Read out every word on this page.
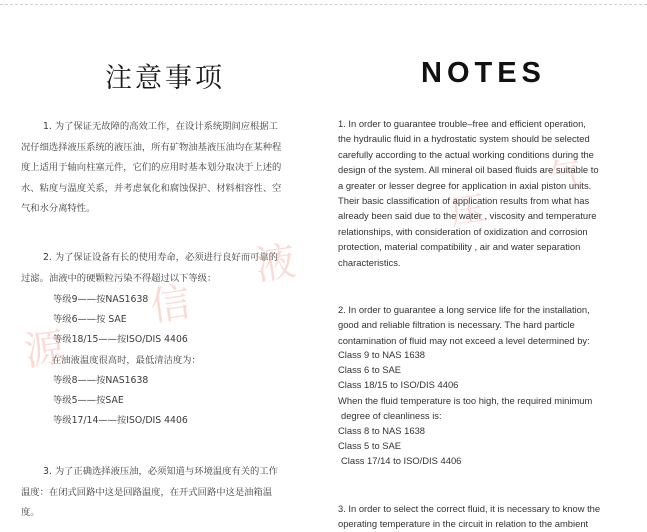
注意事项

1. 为了保证无故障的高效工作，在设计系统期间应根据工

况仔细选择液压系统的液压油，所有矿物油基液压油均在某种程

度上适用于轴向柱塞元件，它们的应用时基本划分取决于上述的

水、粘度与温度关系，并考虑氧化和腐蚀保护、材料相容性、空

气和水分离特性。

2. 为了保证设备有长的使用寿命，必须进行良好而可靠的

过滤。油液中的硬颗粒污染不得超过以下等级：

等级9——按NAS1638
等级6——按 SAE
等级18/15——按ISO/DIS 4406
在油液温度很高时，最低清洁度为：
等级8——按NAS1638
等级5——按SAE
等级17/14——按ISO/DIS 4406

3. 为了正确选择液压油，必须知道与环境温度有关的工作

温度：在闭式回路中这是回路温度，在开式回路中这是油箱温

度。

NOTES

1. In order to guarantee trouble–free and efficient operation,

the hydraulic fluid in a hydrostatic system should be selected

carefully according to the actual working conditions during the

design of the system. All mineral oil based fluids are suitable to

a greater or lesser degree for application in axial piston units.

Their basic classification of application results from what has

already been said due to the water , viscosity and temperature

relationships, with consideration of oxidization and corrosion

protection, material compatibility , air and water separation

characteristics.

2. In order to guarantee a long service life for the installation,

good and reliable filtration is necessary. The hard particle

contamination of fluid may not exceed a level determined by:

Class 9 to NAS 1638
Class 6 to SAE
Class 18/15 to ISO/DIS 4406
When the fluid temperature is too high, the required minimum
degree of cleanliness is:
Class 8 to NAS 1638
Class 5 to SAE
Class 17/14 to ISO/DIS 4406

3. In order to select the correct fluid, it is necessary to know the

operating temperature in the circuit in relation to the ambient

源
信
液
压
气
